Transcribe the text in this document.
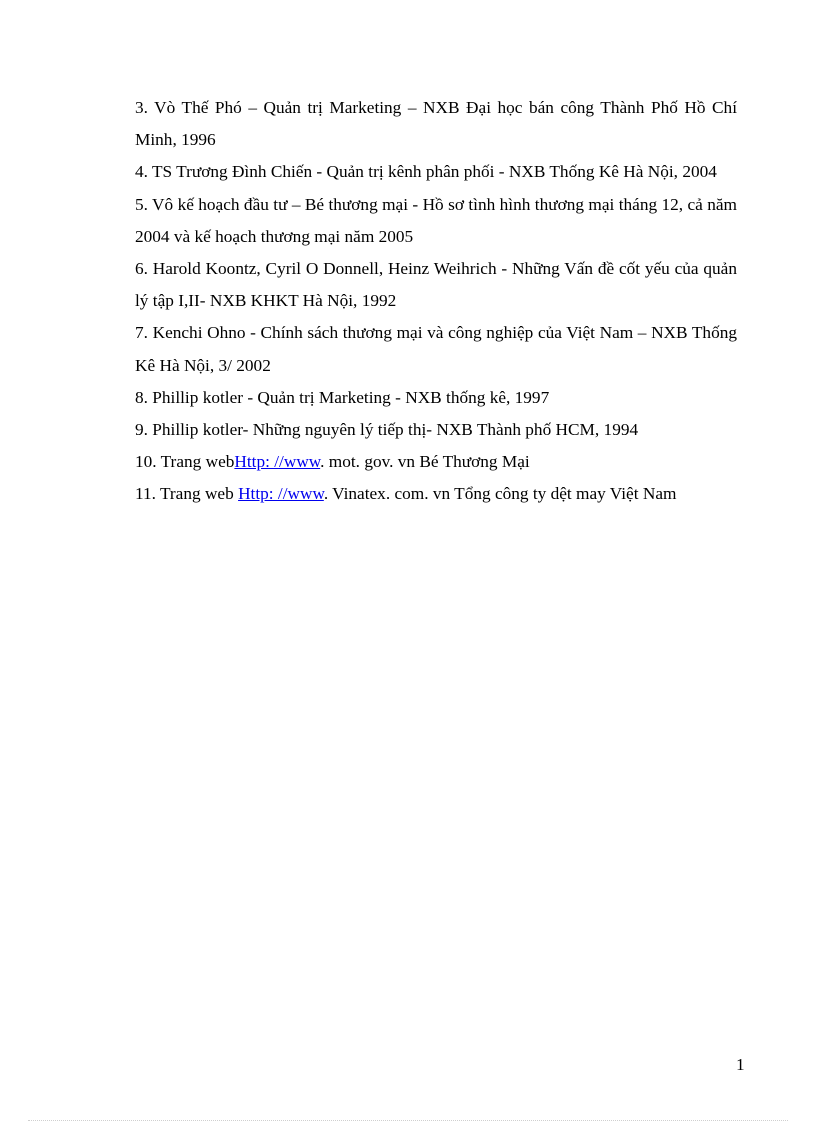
3. Vò Thế Phó – Quản trị Marketing – NXB Đại học bán công Thành Phố Hồ Chí Minh, 1996
4. TS Trương Đình Chiến - Quản trị kênh phân phối - NXB Thống Kê Hà Nội, 2004
5. Vô kế hoạch đầu tư – Bé thương mại - Hồ sơ tình hình thương mại tháng 12, cả năm 2004 và kế hoạch thương mại năm 2005
6. Harold Koontz, Cyril O Donnell, Heinz Weihrich - Những Vấn đề cốt yếu của quản lý tập I,II- NXB KHKT Hà Nội, 1992
7. Kenchi Ohno - Chính sách thương mại và công nghiệp của Việt Nam – NXB Thống Kê Hà Nội, 3/ 2002
8. Phillip kotler - Quản trị Marketing - NXB thống kê, 1997
9. Phillip kotler- Những nguyên lý tiếp thị- NXB Thành phố HCM, 1994
10. Trang webHttp: //www. mot. gov. vn Bé Thương Mại
11. Trang web Http: //www. Vinatex. com. vn Tổng công ty dệt may Việt Nam
1
